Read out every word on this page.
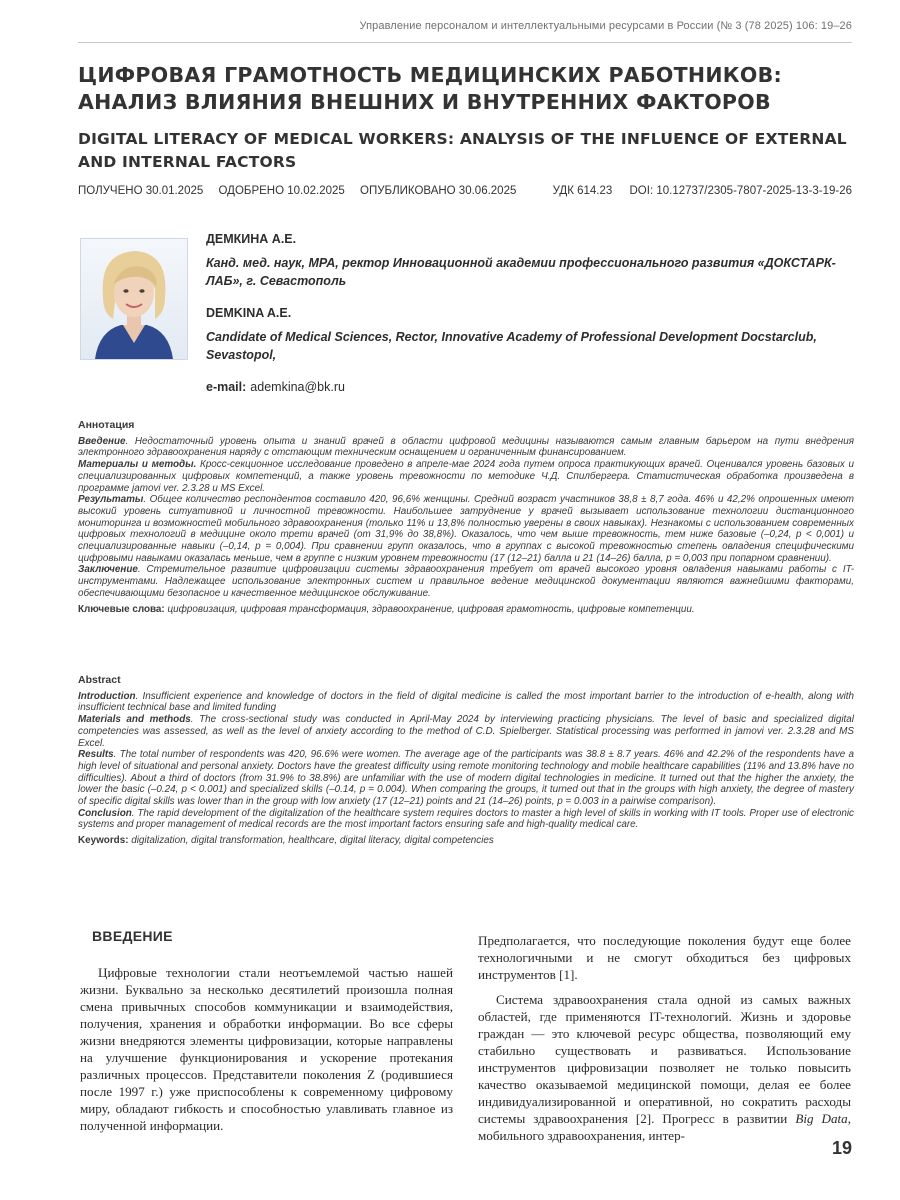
Управление персоналом и интеллектуальными ресурсами в России (№ 3 (78 2025) 106: 19–26
ЦИФРОВАЯ ГРАМОТНОСТЬ МЕДИЦИНСКИХ РАБОТНИКОВ: АНАЛИЗ ВЛИЯНИЯ ВНЕШНИХ И ВНУТРЕННИХ ФАКТОРОВ
DIGITAL LITERACY OF MEDICAL WORKERS: ANALYSIS OF THE INFLUENCE OF EXTERNAL AND INTERNAL FACTORS
ПОЛУЧЕНО 30.01.2025 ОДОБРЕНО 10.02.2025 ОПУБЛИКОВАНО 30.06.2025	УДК 614.23 DOI: 10.12737/2305-7807-2025-13-3-19-26
ДЕМКИНА А.Е.
Канд. мед. наук, MPA, ректор Инновационной академии профессионального развития «ДОКСТАРК-ЛАБ», г. Севастополь
DEMKINA A.E.
Candidate of Medical Sciences, Rector, Innovative Academy of Professional Development Docstarclub, Sevastopol,
e-mail: ademkina@bk.ru
Аннотация

Введение. Недостаточный уровень опыта и знаний врачей в области цифровой медицины называются самым главным барьером на пути внедрения электронного здравоохранения наряду с отстающим техническим оснащением и ограниченным финансированием.

Материалы и методы. Кросс-секционное исследование проведено в апреле-мае 2024 года путем опроса практикующих врачей. Оценивался уровень базовых и специализированных цифровых компетенций, а также уровень тревожности по методике Ч.Д. Спилбергера. Статистическая обработка произведена в программе jamovi ver. 2.3.28 и MS Excel.

Результаты. Общее количество респондентов составило 420, 96,6% женщины. Средний возраст участников 38,8 ± 8,7 года. 46% и 42,2% опрошенных имеют высокий уровень ситуативной и личностной тревожности. Наибольшее затруднение у врачей вызывает использование технологии дистанционного мониторинга и возможностей мобильного здравоохранения (только 11% и 13,8% полностью уверены в своих навыках). Незнакомы с использованием современных цифровых технологий в медицине около трети врачей (от 31,9% до 38,8%). Оказалось, что чем выше тревожность, тем ниже базовые (–0,24, p < 0,001) и специализированные навыки (–0,14, p = 0,004). При сравнении групп оказалось, что в группах с высокой тревожностью степень овладения специфическими цифровыми навыками оказалась меньше, чем в группе с низким уровнем тревожности (17 (12–21) балла и 21 (14–26) балла, p = 0,003 при попарном сравнении).

Заключение. Стремительное развитие цифровизации системы здравоохранения требует от врачей высокого уровня овладения навыками работы с IT-инструментами. Надлежащее использование электронных систем и правильное ведение медицинской документации являются важнейшими факторами, обеспечивающими безопасное и качественное медицинское обслуживание.

Ключевые слова: цифровизация, цифровая трансформация, здравоохранение, цифровая грамотность, цифровые компетенции.
Abstract

Introduction. Insufficient experience and knowledge of doctors in the field of digital medicine is called the most important barrier to the introduction of e-health, along with insufficient technical base and limited funding

Materials and methods. The cross-sectional study was conducted in April-May 2024 by interviewing practicing physicians. The level of basic and specialized digital competencies was assessed, as well as the level of anxiety according to the method of C.D. Spielberger. Statistical processing was performed in jamovi ver. 2.3.28 and MS Excel.

Results. The total number of respondents was 420, 96.6% were women. The average age of the participants was 38.8 ± 8.7 years. 46% and 42.2% of the respondents have a high level of situational and personal anxiety. Doctors have the greatest difficulty using remote monitoring technology and mobile healthcare capabilities (11% and 13.8% have no difficulties). About a third of doctors (from 31.9% to 38.8%) are unfamiliar with the use of modern digital technologies in medicine. It turned out that the higher the anxiety, the lower the basic (–0.24, p < 0.001) and specialized skills (–0.14, p = 0.004). When comparing the groups, it turned out that in the groups with high anxiety, the degree of mastery of specific digital skills was lower than in the group with low anxiety (17 (12–21) points and 21 (14–26) points, p = 0.003 in a pairwise comparison).

Conclusion. The rapid development of the digitalization of the healthcare system requires doctors to master a high level of skills in working with IT tools. Proper use of electronic systems and proper management of medical records are the most important factors ensuring safe and high-quality medical care.

Keywords: digitalization, digital transformation, healthcare, digital literacy, digital competencies
ВВЕДЕНИЕ

Цифровые технологии стали неотъемлемой частью нашей жизни. Буквально за несколько десятилетий произошла полная смена привычных способов коммуникации и взаимодействия, получения, хранения и обработки информации. Во все сферы жизни внедряются элементы цифровизации, которые направлены на улучшение функционирования и ускорение протекания различных процессов. Представители поколения Z (родившиеся после 1997 г.) уже приспособлены к современному цифровому миру, обладают гибкость и способностью улавливать главное из полученной информации.

Предполагается, что последующие поколения будут еще более технологичными и не смогут обходиться без цифровых инструментов [1].

Система здравоохранения стала одной из самых важных областей, где применяются IT-технологий. Жизнь и здоровье граждан — это ключевой ресурс общества, позволяющий ему стабильно существовать и развиваться. Использование инструментов цифровизации позволяет не только повысить качество оказываемой медицинской помощи, делая ее более индивидуализированной и оперативной, но сократить расходы системы здравоохранения [2]. Прогресс в развитии Big Data, мобильного здравоохранения, интер-

19
